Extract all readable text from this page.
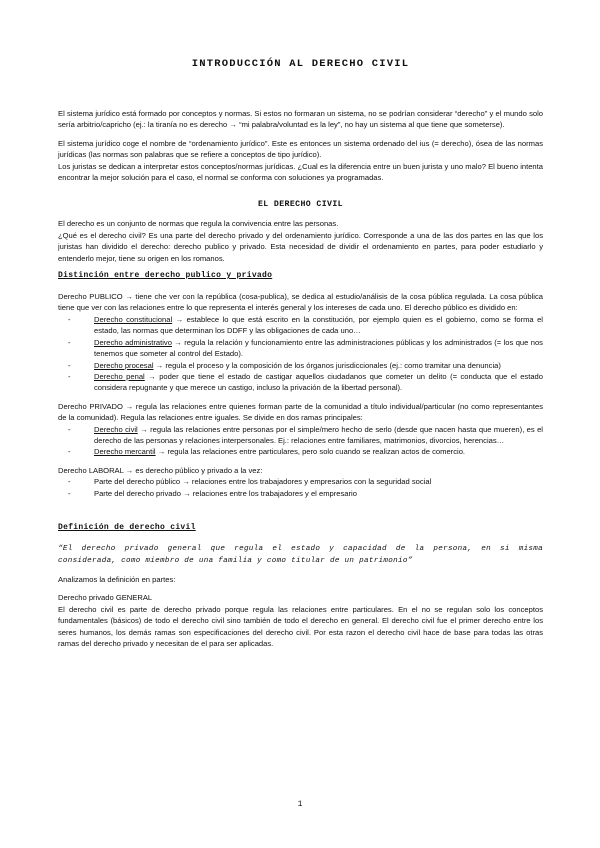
INTRODUCCIÓN AL DERECHO CIVIL

El sistema jurídico está formado por conceptos y normas. Si estos no formaran un sistema, no se podrían considerar “derecho” y el mundo solo sería arbitrio/capricho (ej.: la tiranía no es derecho → “mi palabra/voluntad es la ley”, no hay un sistema al que tiene que someterse).

El sistema jurídico coge el nombre de “ordenamiento jurídico”. Este es entonces un sistema ordenado del ius (= derecho), ósea de las normas jurídicas (las normas son palabras que se refiere a conceptos de tipo jurídico).

Los juristas se dedican a interpretar estos conceptos/normas jurídicas. ¿Cual es la diferencia entre un buen jurista y uno malo? El bueno intenta encontrar la mejor solución para el caso, el normal se conforma con soluciones ya programadas.

EL DERECHO CIVIL

El derecho es un conjunto de normas que regula la convivencia entre las personas.

¿Qué es el derecho civil? Es una parte del derecho privado y del ordenamiento jurídico. Corresponde a una de las dos partes en las que los juristas han dividido el derecho: derecho publico y privado. Esta necesidad de dividir el ordenamiento en partes, para poder estudiarlo y entenderlo mejor, tiene su origen en los romanos.

Distinción entre derecho publico y privado

Derecho PUBLICO → tiene che ver con la república (cosa-publica), se dedica al estudio/análisis de la cosa pública regulada. La cosa pública tiene que ver con las relaciones entre lo que representa el interés general y los intereses de cada uno. El derecho público es dividido en:

- Derecho constitucional → establece lo que está escrito en la constitución, por ejemplo quien es el gobierno, como se forma el estado, las normas que determinan los DDFF y las obligaciones de cada uno…
- Derecho administrativo → regula la relación y funcionamiento entre las administraciones públicas y los administrados (= los que nos tenemos que someter al control del Estado).
- Derecho procesal → regula el proceso y la composición de los órganos jurisdiccionales (ej.: como tramitar una denuncia)
- Derecho penal → poder que tiene el estado de castigar aquellos ciudadanos que cometer un delito (= conducta que el estado considera repugnante y que merece un castigo, incluso la privación de la libertad personal).

Derecho PRIVADO → regula las relaciones entre quienes forman parte de la comunidad a título individual/particular (no como representantes de la comunidad). Regula las relaciones entre iguales. Se divide en dos ramas principales:

- Derecho civil → regula las relaciones entre personas por el simple/mero hecho de serlo (desde que nacen hasta que mueren), es el derecho de las personas y relaciones interpersonales. Ej.: relaciones entre familiares, matrimonios, divorcios, herencias…
- Derecho mercantil → regula las relaciones entre particulares, pero solo cuando se realizan actos de comercio.

Derecho LABORAL → es derecho público y privado a la vez:

- Parte del derecho público → relaciones entre los trabajadores y empresarios con la seguridad social
- Parte del derecho privado → relaciones entre los trabajadores y el empresario
Definición de derecho civil
“El derecho privado general que regula el estado y capacidad de la persona, en si misma considerada, como miembro de una familia y como titular de un patrimonio”

Analizamos la definición en partes:

Derecho privado GENERAL

El derecho civil es parte de derecho privado porque regula las relaciones entre particulares. En el no se regulan solo los conceptos fundamentales (básicos) de todo el derecho civil sino también de todo el derecho en general. El derecho civil fue el primer derecho entre los seres humanos, los demás ramas son especificaciones del derecho civil. Por esta razon el derecho civil hace de base para todas las otras ramas del derecho privado y necesitan de el para ser aplicadas.

1
